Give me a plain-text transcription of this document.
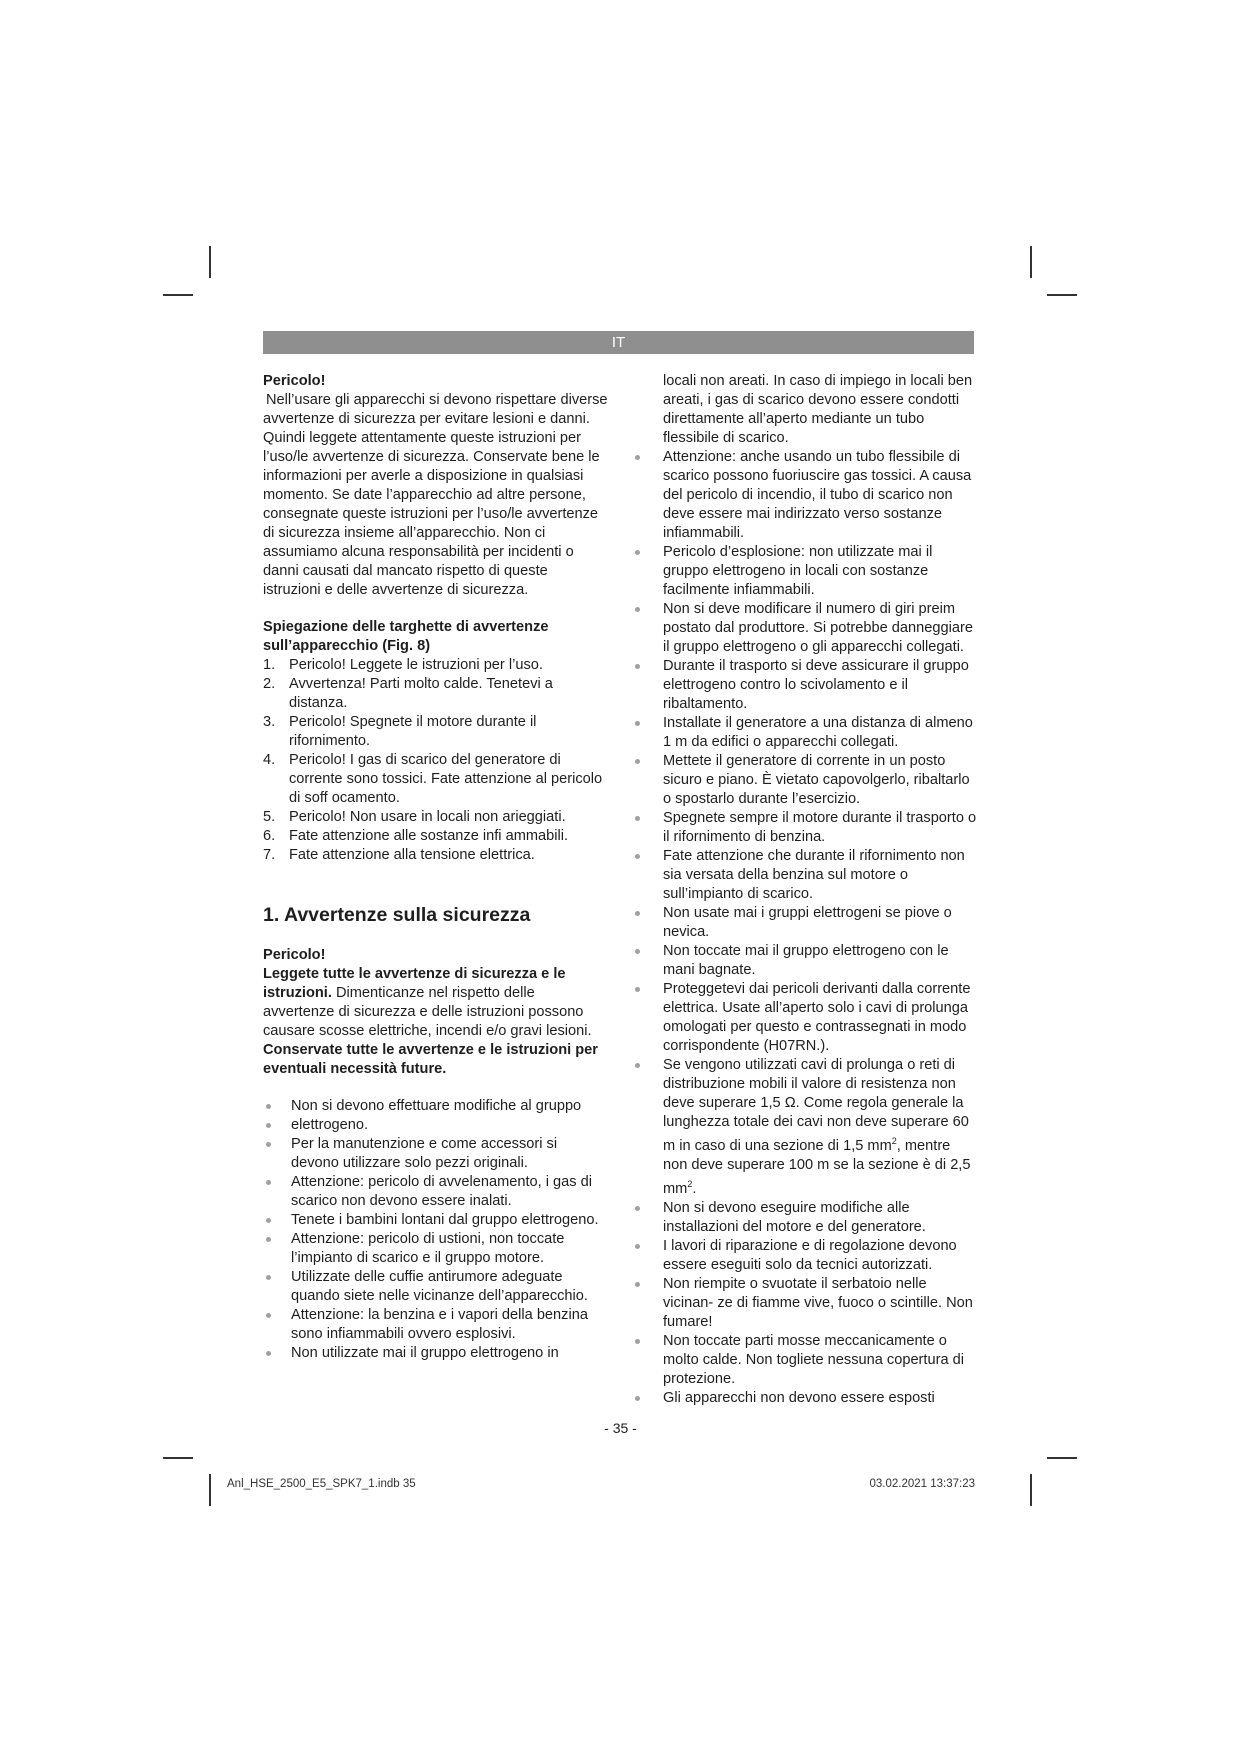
IT

Pericolo!

Nell’usare gli apparecchi si devono rispettare diverse avvertenze di sicurezza per evitare lesioni e danni. Quindi leggete attentamente queste istruzioni per l’uso/le avvertenze di sicurezza. Conservate bene le informazioni per averle a disposizione in qualsiasi momento. Se date l’apparecchio ad altre persone, consegnate queste istruzioni per l’uso/le avvertenze di sicurezza insieme all’apparecchio. Non ci assumiamo alcuna responsabilità per incidenti o danni causati dal mancato rispetto di queste istruzioni e delle avvertenze di sicurezza.

Spiegazione delle targhette di avvertenze sull’apparecchio (Fig. 8)

1. Pericolo! Leggete le istruzioni per l’uso.
2. Avvertenza! Parti molto calde. Tenetevi a distanza.
3. Pericolo! Spegnete il motore durante il rifornimento.
4. Pericolo! I gas di scarico del generatore di corrente sono tossici. Fate attenzione al pericolo di soff ocamento.
5. Pericolo! Non usare in locali non arieggiati.
6. Fate attenzione alle sostanze infi ammabili.
7. Fate attenzione alla tensione elettrica.
1. Avvertenze sulla sicurezza

Pericolo!

Leggete tutte le avvertenze di sicurezza e le istruzioni. Dimenticanze nel rispetto delle avvertenze di sicurezza e delle istruzioni possono causare scosse elettriche, incendi e/o gravi lesioni.

Conservate tutte le avvertenze e le istruzioni per eventuali necessità future.

Non si devono effettuare modifiche al gruppo
elettrogeno.
Per la manutenzione e come accessori si devono utilizzare solo pezzi originali.
Attenzione: pericolo di avvelenamento, i gas di scarico non devono essere inalati.
Tenete i bambini lontani dal gruppo elettrogeno.
Attenzione: pericolo di ustioni, non toccate l’impianto di scarico e il gruppo motore.
Utilizzate delle cuffie antirumore adeguate quando siete nelle vicinanze dell’apparecchio.
Attenzione: la benzina e i vapori della benzina sono infiammabili ovvero esplosivi.
Non utilizzate mai il gruppo elettrogeno in

locali non areati. In caso di impiego in locali ben areati, i gas di scarico devono essere condotti direttamente all’aperto mediante un tubo flessibile di scarico.

Attenzione: anche usando un tubo flessibile di scarico possono fuoriuscire gas tossici. A causa del pericolo di incendio, il tubo di scarico non deve essere mai indirizzato verso sostanze infiammabili.
Pericolo d’esplosione: non utilizzate mai il gruppo elettrogeno in locali con sostanze facilmente infiammabili.
Non si deve modificare il numero di giri preim postato dal produttore. Si potrebbe danneggiare il gruppo elettrogeno o gli apparecchi collegati.
Durante il trasporto si deve assicurare il gruppo elettrogeno contro lo scivolamento e il ribaltamento.
Installate il generatore a una distanza di almeno 1 m da edifici o apparecchi collegati.
Mettete il generatore di corrente in un posto sicuro e piano. È vietato capovolgerlo, ribaltarlo o spostarlo durante l’esercizio.
Spegnete sempre il motore durante il trasporto o il rifornimento di benzina.
Fate attenzione che durante il rifornimento non sia versata della benzina sul motore o sull’impianto di scarico.
Non usate mai i gruppi elettrogeni se piove o nevica.
Non toccate mai il gruppo elettrogeno con le mani bagnate.
Proteggetevi dai pericoli derivanti dalla corrente elettrica. Usate all’aperto solo i cavi di prolunga omologati per questo e contrassegnati in modo corrispondente (H07RN.).
Se vengono utilizzati cavi di prolunga o reti di distribuzione mobili il valore di resistenza non deve superare 1,5 Ω. Come regola generale la lunghezza totale dei cavi non deve superare 60 m in caso di una sezione di 1,5 $mm^2$, mentre non deve superare 100 m se la sezione è di 2,5 $mm^2$.
Non si devono eseguire modifiche alle installazioni del motore e del generatore.
I lavori di riparazione e di regolazione devono essere eseguiti solo da tecnici autorizzati.
Non riempite o svuotate il serbatoio nelle vicinan- ze di fiamme vive, fuoco o scintille. Non fumare!
Non toccate parti mosse meccanicamente o molto calde. Non togliete nessuna copertura di protezione.
Gli apparecchi non devono essere esposti
- 35 -
Anl_HSE_2500_E5_SPK7_1.indb 35	03.02.2021 13:37:23
